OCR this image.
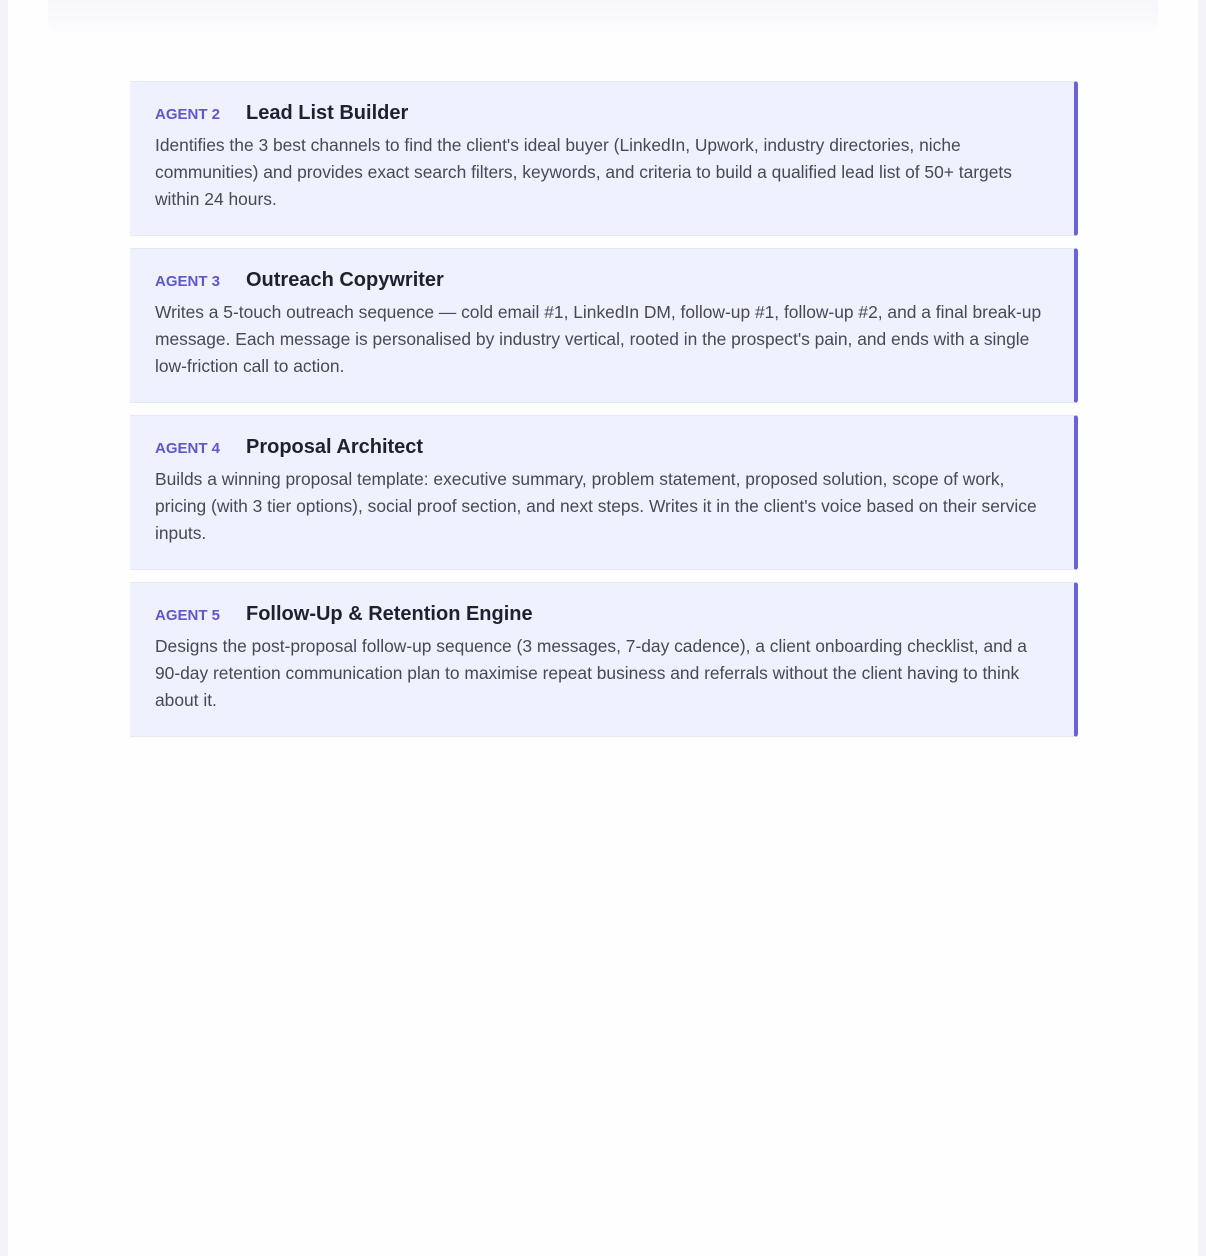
AGENT 2	Lead List Builder

Identifies the 3 best channels to find the client's ideal buyer (LinkedIn, Upwork, industry directories, niche communities) and provides exact search filters, keywords, and criteria to build a qualified lead list of 50+ targets within 24 hours.

AGENT 3	Outreach Copywriter

Writes a 5-touch outreach sequence — cold email #1, LinkedIn DM, follow-up #1, follow-up #2, and a final break-up message. Each message is personalised by industry vertical, rooted in the prospect's pain, and ends with a single low-friction call to action.

AGENT 4	Proposal Architect

Builds a winning proposal template: executive summary, problem statement, proposed solution, scope of work, pricing (with 3 tier options), social proof section, and next steps. Writes it in the client's voice based on their service inputs.

AGENT 5	Follow-Up & Retention Engine

Designs the post-proposal follow-up sequence (3 messages, 7-day cadence), a client onboarding checklist, and a 90-day retention communication plan to maximise repeat business and referrals without the client having to think about it.
